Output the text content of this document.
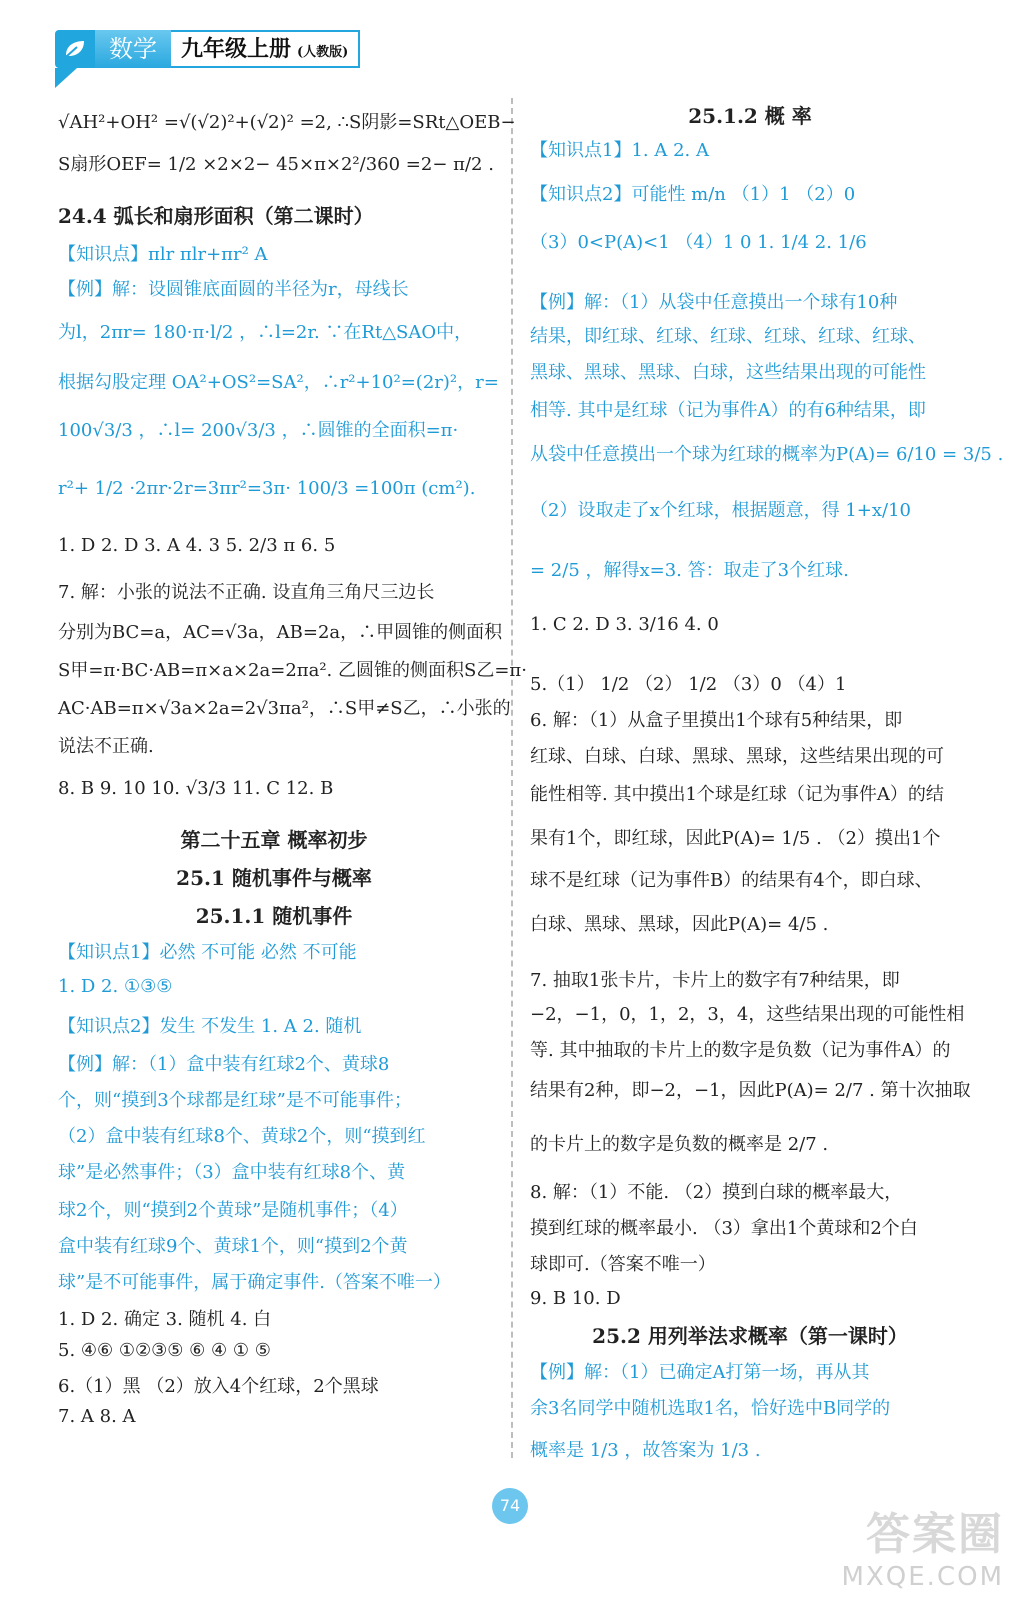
数学	九年级上册 (人教版)
√AH²+OH² =√(√2)²+(√2)² =2, ∴S阴影=SRt△OEB−
S扇形OEF= 1/2 ×2×2− 45×π×2²/360 =2− π/2 .
24.4 弧长和扇形面积（第二课时）
【知识点】πlr πlr+πr² A
【例】解：设圆锥底面圆的半径为r，母线长
为l，2πr= 180·π·l/2 ，∴l=2r. ∵在Rt△SAO中，
根据勾股定理 OA²+OS²=SA²，∴r²+10²=(2r)²，r=
100√3/3 ，∴l= 200√3/3 ，∴圆锥的全面积=π·
r²+ 1/2 ·2πr·2r=3πr²=3π· 100/3 =100π (cm²).
1. D 2. D 3. A 4. 3 5. 2/3 π 6. 5
7. 解：小张的说法不正确. 设直角三角尺三边长
分别为BC=a，AC=√3a，AB=2a，∴甲圆锥的侧面积
S甲=π·BC·AB=π×a×2a=2πa². 乙圆锥的侧面积S乙=π·
AC·AB=π×√3a×2a=2√3πa²，∴S甲≠S乙，∴小张的
说法不正确.
8. B 9. 10 10. √3/3 11. C 12. B
第二十五章 概率初步
25.1 随机事件与概率
25.1.1 随机事件
【知识点1】必然 不可能 必然 不可能
1. D 2. ①③⑤
【知识点2】发生 不发生 1. A 2. 随机
【例】解：（1）盒中装有红球2个、黄球8
个，则“摸到3个球都是红球”是不可能事件；
（2）盒中装有红球8个、黄球2个，则“摸到红
球”是必然事件；（3）盒中装有红球8个、黄
球2个，则“摸到2个黄球”是随机事件；（4）
盒中装有红球9个、黄球1个，则“摸到2个黄
球”是不可能事件，属于确定事件.（答案不唯一）
1. D 2. 确定 3. 随机 4. 白
5. ④⑥ ①②③⑤ ⑥ ④ ① ⑤
6.（1）黑 （2）放入4个红球，2个黑球
7. A 8. A
25.1.2 概 率
【知识点1】1. A 2. A
【知识点2】可能性 m/n （1）1 （2）0
（3）0<P(A)<1 （4）1 0 1. 1/4 2. 1/6
【例】解：（1）从袋中任意摸出一个球有10种
结果，即红球、红球、红球、红球、红球、红球、
黑球、黑球、黑球、白球，这些结果出现的可能性
相等. 其中是红球（记为事件A）的有6种结果，即
从袋中任意摸出一个球为红球的概率为P(A)= 6/10 = 3/5 .
（2）设取走了x个红球，根据题意，得 1+x/10
= 2/5 ，解得x=3. 答：取走了3个红球.
1. C 2. D 3. 3/16 4. 0
5.（1） 1/2 （2） 1/2 （3）0 （4）1
6. 解：（1）从盒子里摸出1个球有5种结果，即
红球、白球、白球、黑球、黑球，这些结果出现的可
能性相等. 其中摸出1个球是红球（记为事件A）的结
果有1个，即红球，因此P(A)= 1/5 . （2）摸出1个
球不是红球（记为事件B）的结果有4个，即白球、
白球、黑球、黑球，因此P(A)= 4/5 .
7. 抽取1张卡片，卡片上的数字有7种结果，即
−2，−1，0，1，2，3，4，这些结果出现的可能性相
等. 其中抽取的卡片上的数字是负数（记为事件A）的
结果有2种，即−2，−1，因此P(A)= 2/7 . 第十次抽取
的卡片上的数字是负数的概率是 2/7 .
8. 解：（1）不能. （2）摸到白球的概率最大，
摸到红球的概率最小. （3）拿出1个黄球和2个白
球即可.（答案不唯一）
9. B 10. D
25.2 用列举法求概率（第一课时）
【例】解：（1）已确定A打第一场，再从其
余3名同学中随机选取1名，恰好选中B同学的
概率是 1/3 ，故答案为 1/3 .
74
答案圈
MXQE.COM
